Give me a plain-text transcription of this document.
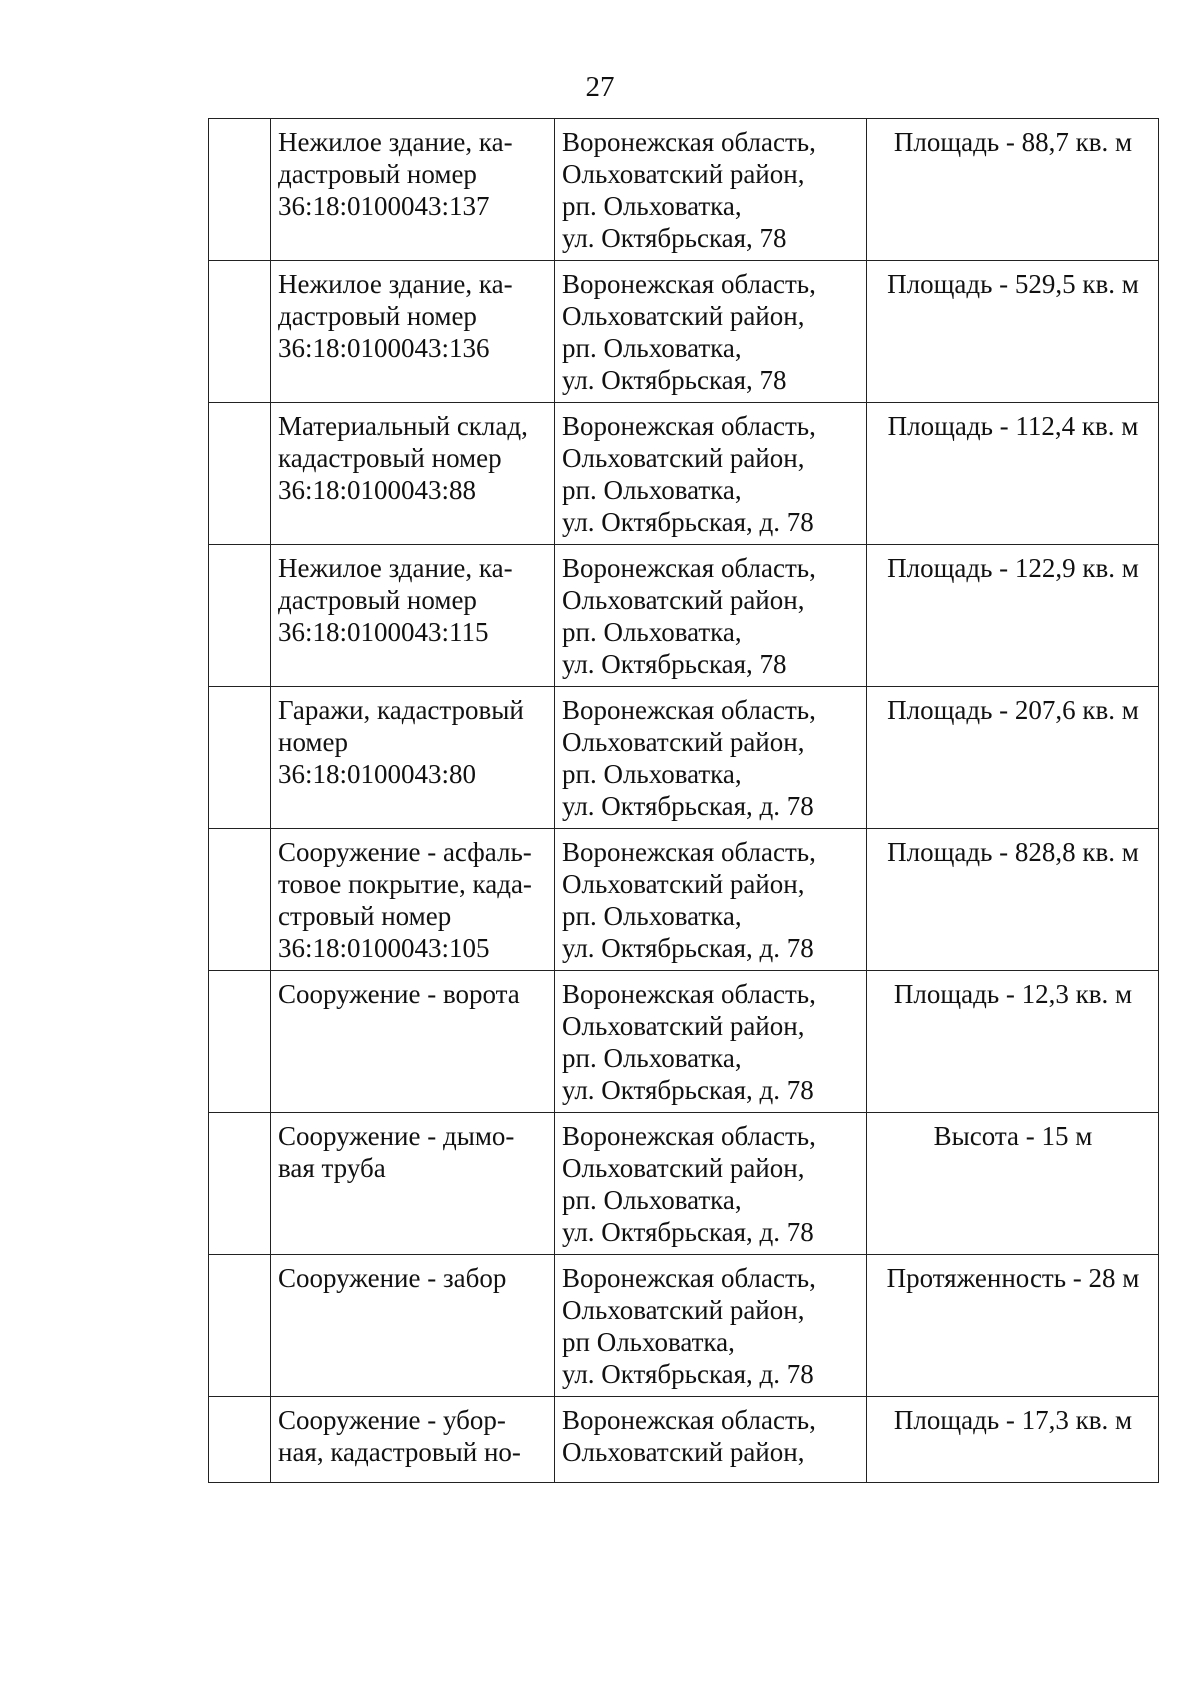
27

	Нежилое здание, ка-
дастровый номер
36:18:0100043:137	Воронежская область,
Ольховатский район,
рп. Ольховатка,
ул. Октябрьская, 78	Площадь - 88,7 кв. м

	Нежилое здание, ка-
дастровый номер
36:18:0100043:136	Воронежская область,
Ольховатский район,
рп. Ольховатка,
ул. Октябрьская, 78	Площадь - 529,5 кв. м

	Материальный склад,
кадастровый номер
36:18:0100043:88	Воронежская область,
Ольховатский район,
рп. Ольховатка,
ул. Октябрьская, д. 78	Площадь - 112,4 кв. м

	Нежилое здание, ка-
дастровый номер
36:18:0100043:115	Воронежская область,
Ольховатский район,
рп. Ольховатка,
ул. Октябрьская, 78	Площадь - 122,9 кв. м

	Гаражи, кадастровый
номер
36:18:0100043:80	Воронежская область,
Ольховатский район,
рп. Ольховатка,
ул. Октябрьская, д. 78	Площадь - 207,6 кв. м

	Сооружение - асфаль-
товое покрытие, када-
стровый номер
36:18:0100043:105	Воронежская область,
Ольховатский район,
рп. Ольховатка,
ул. Октябрьская, д. 78	Площадь - 828,8 кв. м

	Сооружение - ворота	Воронежская область,
Ольховатский район,
рп. Ольховатка,
ул. Октябрьская, д. 78	Площадь - 12,3 кв. м

	Сооружение - дымо-
вая труба	Воронежская область,
Ольховатский район,
рп. Ольховатка,
ул. Октябрьская, д. 78	Высота - 15 м

	Сооружение - забор	Воронежская область,
Ольховатский район,
рп Ольховатка,
ул. Октябрьская, д. 78	Протяженность - 28 м

	Сооружение - убор-
ная, кадастровый но-	Воронежская область,
Ольховатский район,	Площадь - 17,3 кв. м
